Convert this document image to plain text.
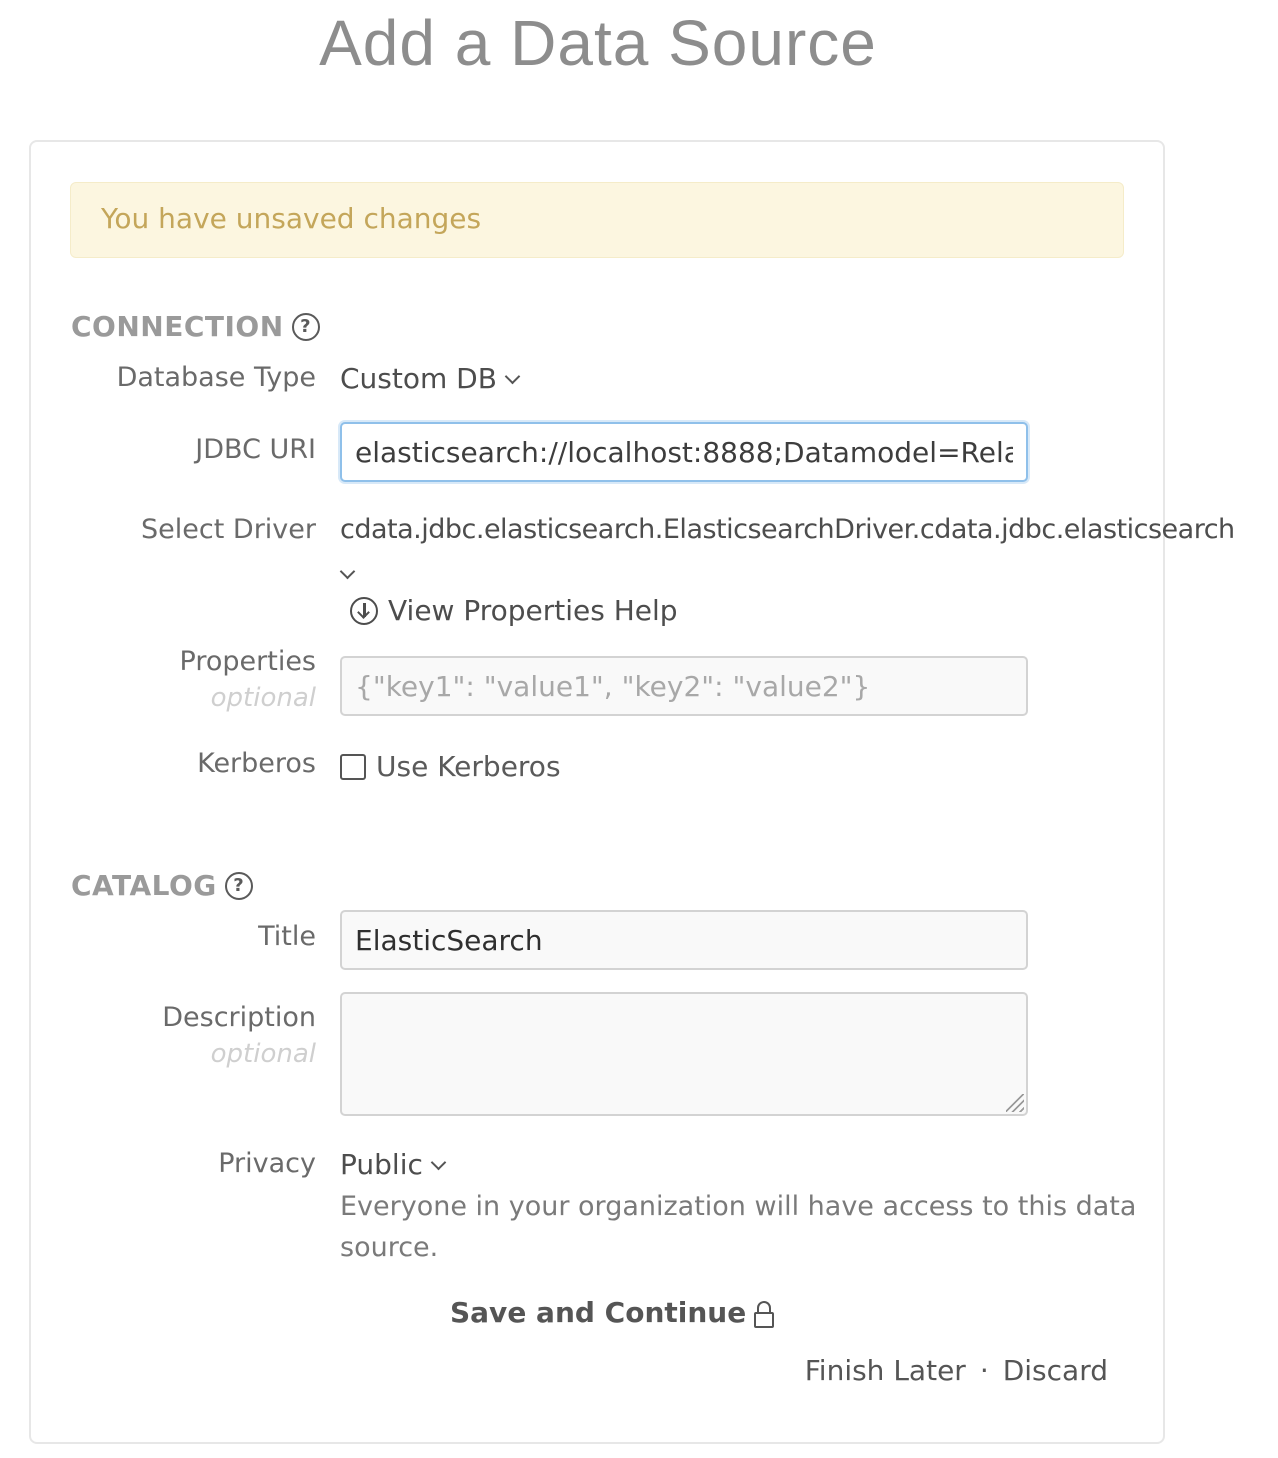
Add a Data Source
You have unsaved changes
CONNECTION ?
Database Type Custom DB
JDBC URI
elasticsearch://localhost:8888;Datamodel=Relati
Select Driver cdata.jdbc.elasticsearch.ElasticsearchDriver.cdata.jdbc.elasticsearch
View Properties Help
Properties
optional
{"key1": "value1", "key2": "value2"}
Kerberos Use Kerberos
CATALOG ?
Title
ElasticSearch
Description
optional
Privacy Public
Everyone in your organization will have access to this data source.
Save and Continue
Finish Later · Discard
